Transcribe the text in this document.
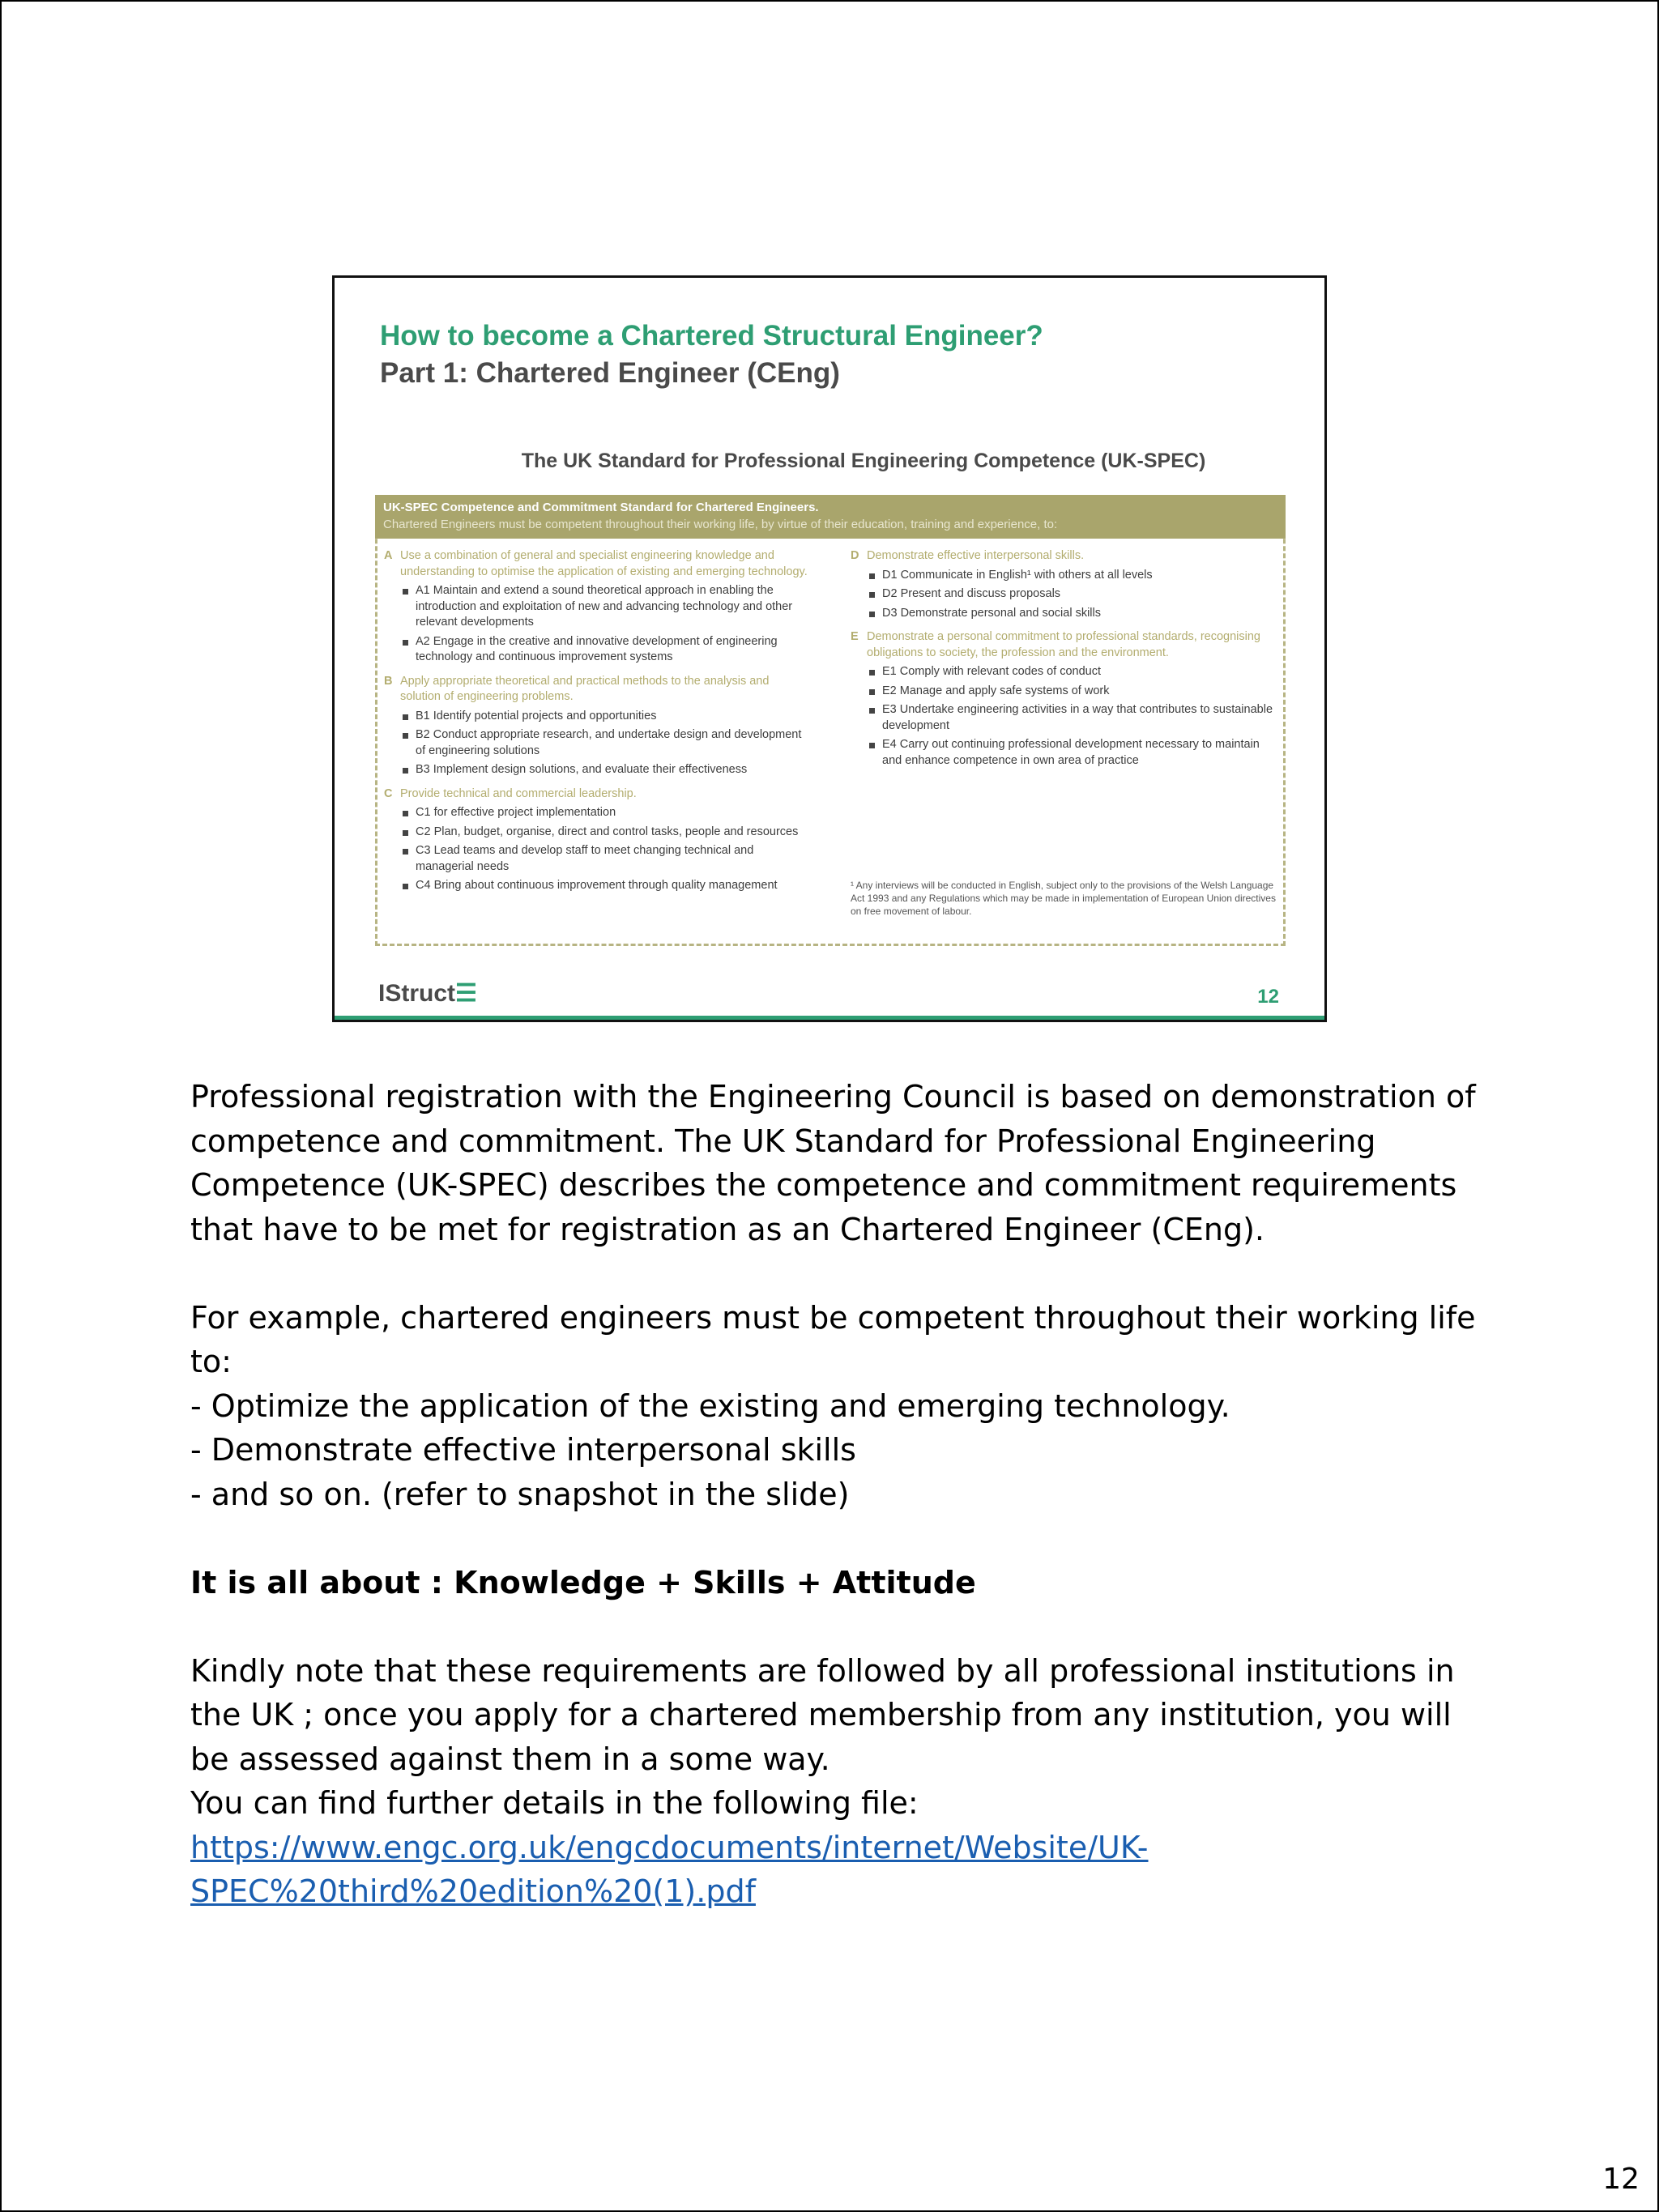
How to become a Chartered Structural Engineer?
Part 1: Chartered Engineer (CEng)
The UK Standard for Professional Engineering Competence (UK-SPEC)
UK-SPEC Competence and Commitment Standard for Chartered Engineers.
Chartered Engineers must be competent throughout their working life, by virtue of their education, training and experience, to:
A Use a combination of general and specialist engineering knowledge and understanding to optimise the application of existing and emerging technology.
A1 Maintain and extend a sound theoretical approach in enabling the introduction and exploitation of new and advancing technology and other relevant developments
A2 Engage in the creative and innovative development of engineering technology and continuous improvement systems
B Apply appropriate theoretical and practical methods to the analysis and solution of engineering problems.
B1 Identify potential projects and opportunities
B2 Conduct appropriate research, and undertake design and development of engineering solutions
B3 Implement design solutions, and evaluate their effectiveness
C Provide technical and commercial leadership.
C1 for effective project implementation
C2 Plan, budget, organise, direct and control tasks, people and resources
C3 Lead teams and develop staff to meet changing technical and managerial needs
C4 Bring about continuous improvement through quality management
D Demonstrate effective interpersonal skills.
D1 Communicate in English¹ with others at all levels
D2 Present and discuss proposals
D3 Demonstrate personal and social skills
E Demonstrate a personal commitment to professional standards, recognising obligations to society, the profession and the environment.
E1 Comply with relevant codes of conduct
E2 Manage and apply safe systems of work
E3 Undertake engineering activities in a way that contributes to sustainable development
E4 Carry out continuing professional development necessary to maintain and enhance competence in own area of practice
¹ Any interviews will be conducted in English, subject only to the provisions of the Welsh Language Act 1993 and any Regulations which may be made in implementation of European Union directives on free movement of labour.
IStruct☰	12

Professional registration with the Engineering Council is based on demonstration of competence and commitment. The UK Standard for Professional Engineering Competence (UK-SPEC) describes the competence and commitment requirements that have to be met for registration as an Chartered Engineer (CEng).

For example, chartered engineers must be competent throughout their working life to:

- Optimize the application of the existing and emerging technology.

- Demonstrate effective interpersonal skills

- and so on. (refer to snapshot in the slide)

It is all about : Knowledge + Skills + Attitude

Kindly note that these requirements are followed by all professional institutions in the UK ; once you apply for a chartered membership from any institution, you will be assessed against them in a some way.

You can find further details in the following file:

https://www.engc.org.uk/engcdocuments/internet/Website/UK-
SPEC%20third%20edition%20(1).pdf
12
